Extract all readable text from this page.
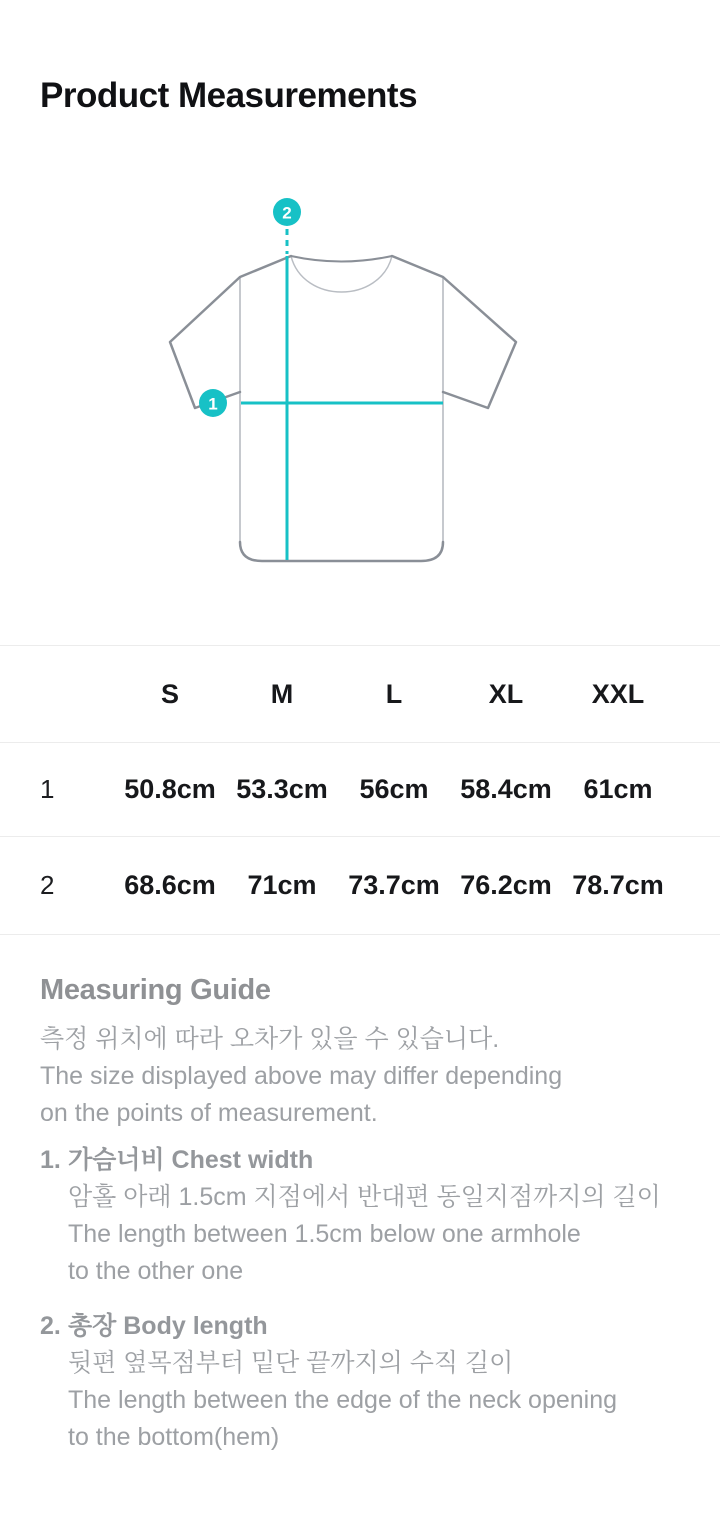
Product Measurements
2
1
S	M	L	XL	XXL
1	50.8cm 53.3cm	56cm	58.4cm	61cm
2	68.6cm	71cm	73.7cm 76.2cm 78.7cm
Measuring Guide
측정 위치에 따라 오차가 있을 수 있습니다.
The size displayed above may differ depending
on the points of measurement.
1. 가슴너비 Chest width
암홀 아래 1.5cm 지점에서 반대편 동일지점까지의 길이
The length between 1.5cm below one armhole
to the other one
2. 총장 Body length
뒷편 옆목점부터 밑단 끝까지의 수직 길이
The length between the edge of the neck opening
to the bottom(hem)
